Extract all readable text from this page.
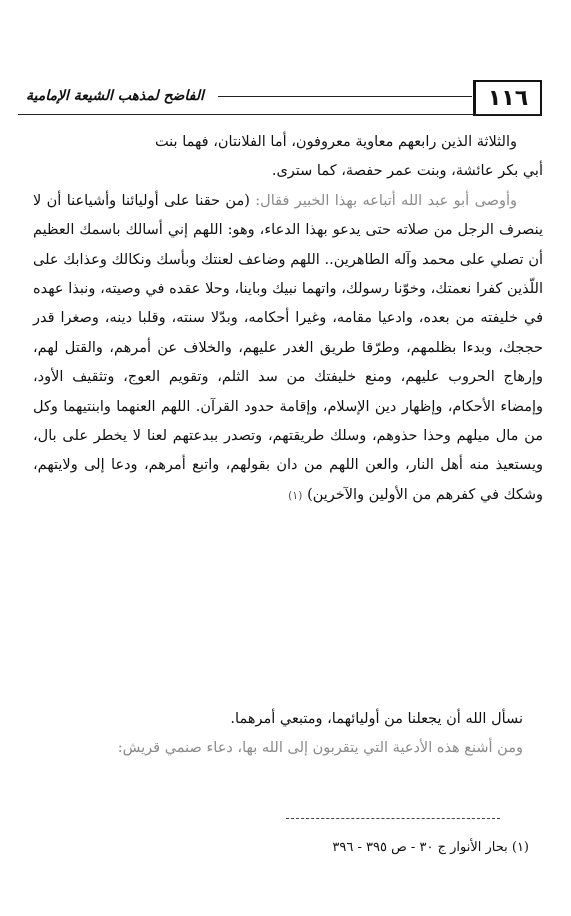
١١٦
الفاضح لمذهب الشيعة الإمامية

والثلاثة الذين رابعهم معاوية معروفون، أما الفلانتان، فهما بنت
أبي بكر عائشة، وبنت عمر حفصة، كما سترى.

وأوصى أبو عبد الله أتباعه بهذا الخبير فقال: (من حقنا على أوليائنا وأشياعنا أن لا ينصرف الرجل من صلاته حتى يدعو بهذا الدعاء، وهو: اللهم إني أسالك باسمك العظيم أن تصلي على محمد وآله الطاهرين.. اللهم وضاعف لعنتك وبأسك ونكالك وعذابك على اللّذين كفرا نعمتك، وخوّنا رسولك، واتهما نبيك وباينا، وحلا عقده في وصيته، ونبذا عهده في خليفته من بعده، وادعيا مقامه، وغيرا أحكامه، وبدّلا سنته، وقلبا دينه، وصغرا قدر حججك، وبدءا بظلمهم، وطرّقا طريق الغدر عليهم، والخلاف عن أمرهم، والقتل لهم، وإرهاج الحروب عليهم، ومنع خليفتك من سد الثلم، وتقويم العوج، وتثقيف الأود، وإمضاء الأحكام، وإظهار دين الإسلام، وإقامة حدود القرآن. اللهم العنهما وابنتيهما وكل من مال ميلهم وحذا حذوهم، وسلك طريقتهم، وتصدر ببدعتهم لعنا لا يخطر على بال، ويستعيذ منه أهل النار، والعن اللهم من دان بقولهم، واتبع أمرهم، ودعا إلى ولايتهم، وشكك في كفرهم من الأولين والآخرين) (١)

نسأل الله أن يجعلنا من أوليائهما، ومتبعي أمرهما.

ومن أشنع هذه الأدعية التي يتقربون إلى الله بها، دعاء صنمي قريش:

(١) بحار الأنوار ج ٣٠ - ص ٣٩٥ - ٣٩٦
